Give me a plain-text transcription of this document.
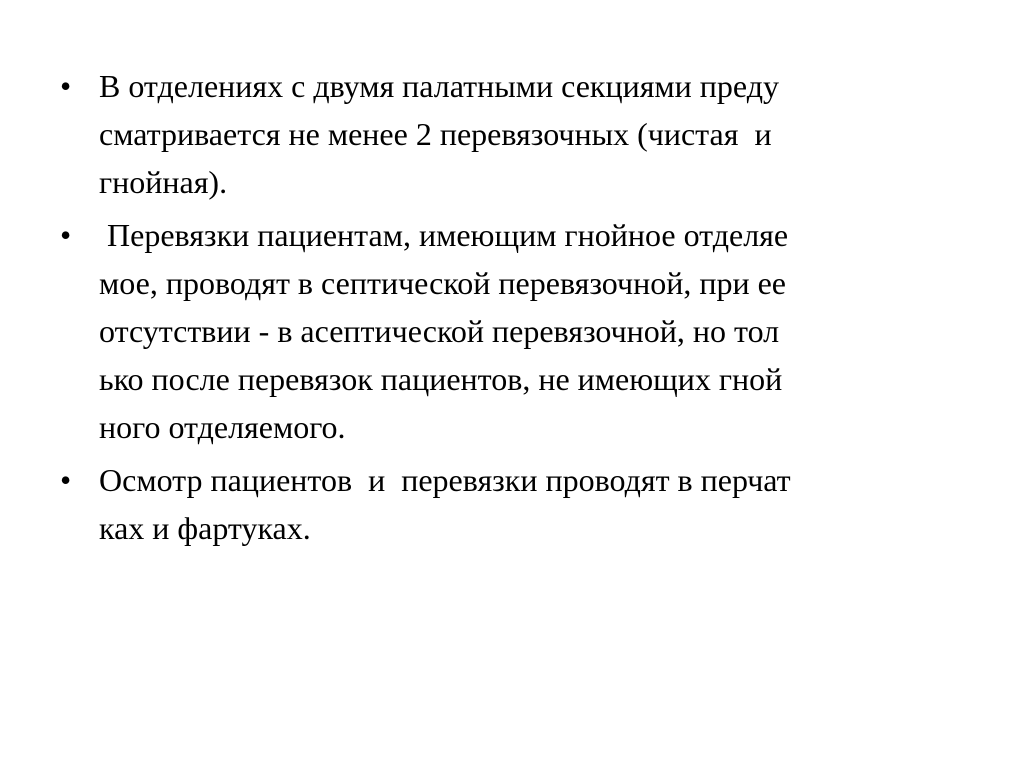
• В отделениях с двумя палатными секциями преду
сматривается не менее 2 перевязочных (чистая  и
гнойная).
• Перевязки пациентам, имеющим гнойное отделяе
мое, проводят в септической перевязочной, при ее
отсутствии - в асептической перевязочной, но тол
ько после перевязок пациентов, не имеющих гной
ного отделяемого.
• Осмотр пациентов  и  перевязки проводят в перчат
ках и фартуках.
